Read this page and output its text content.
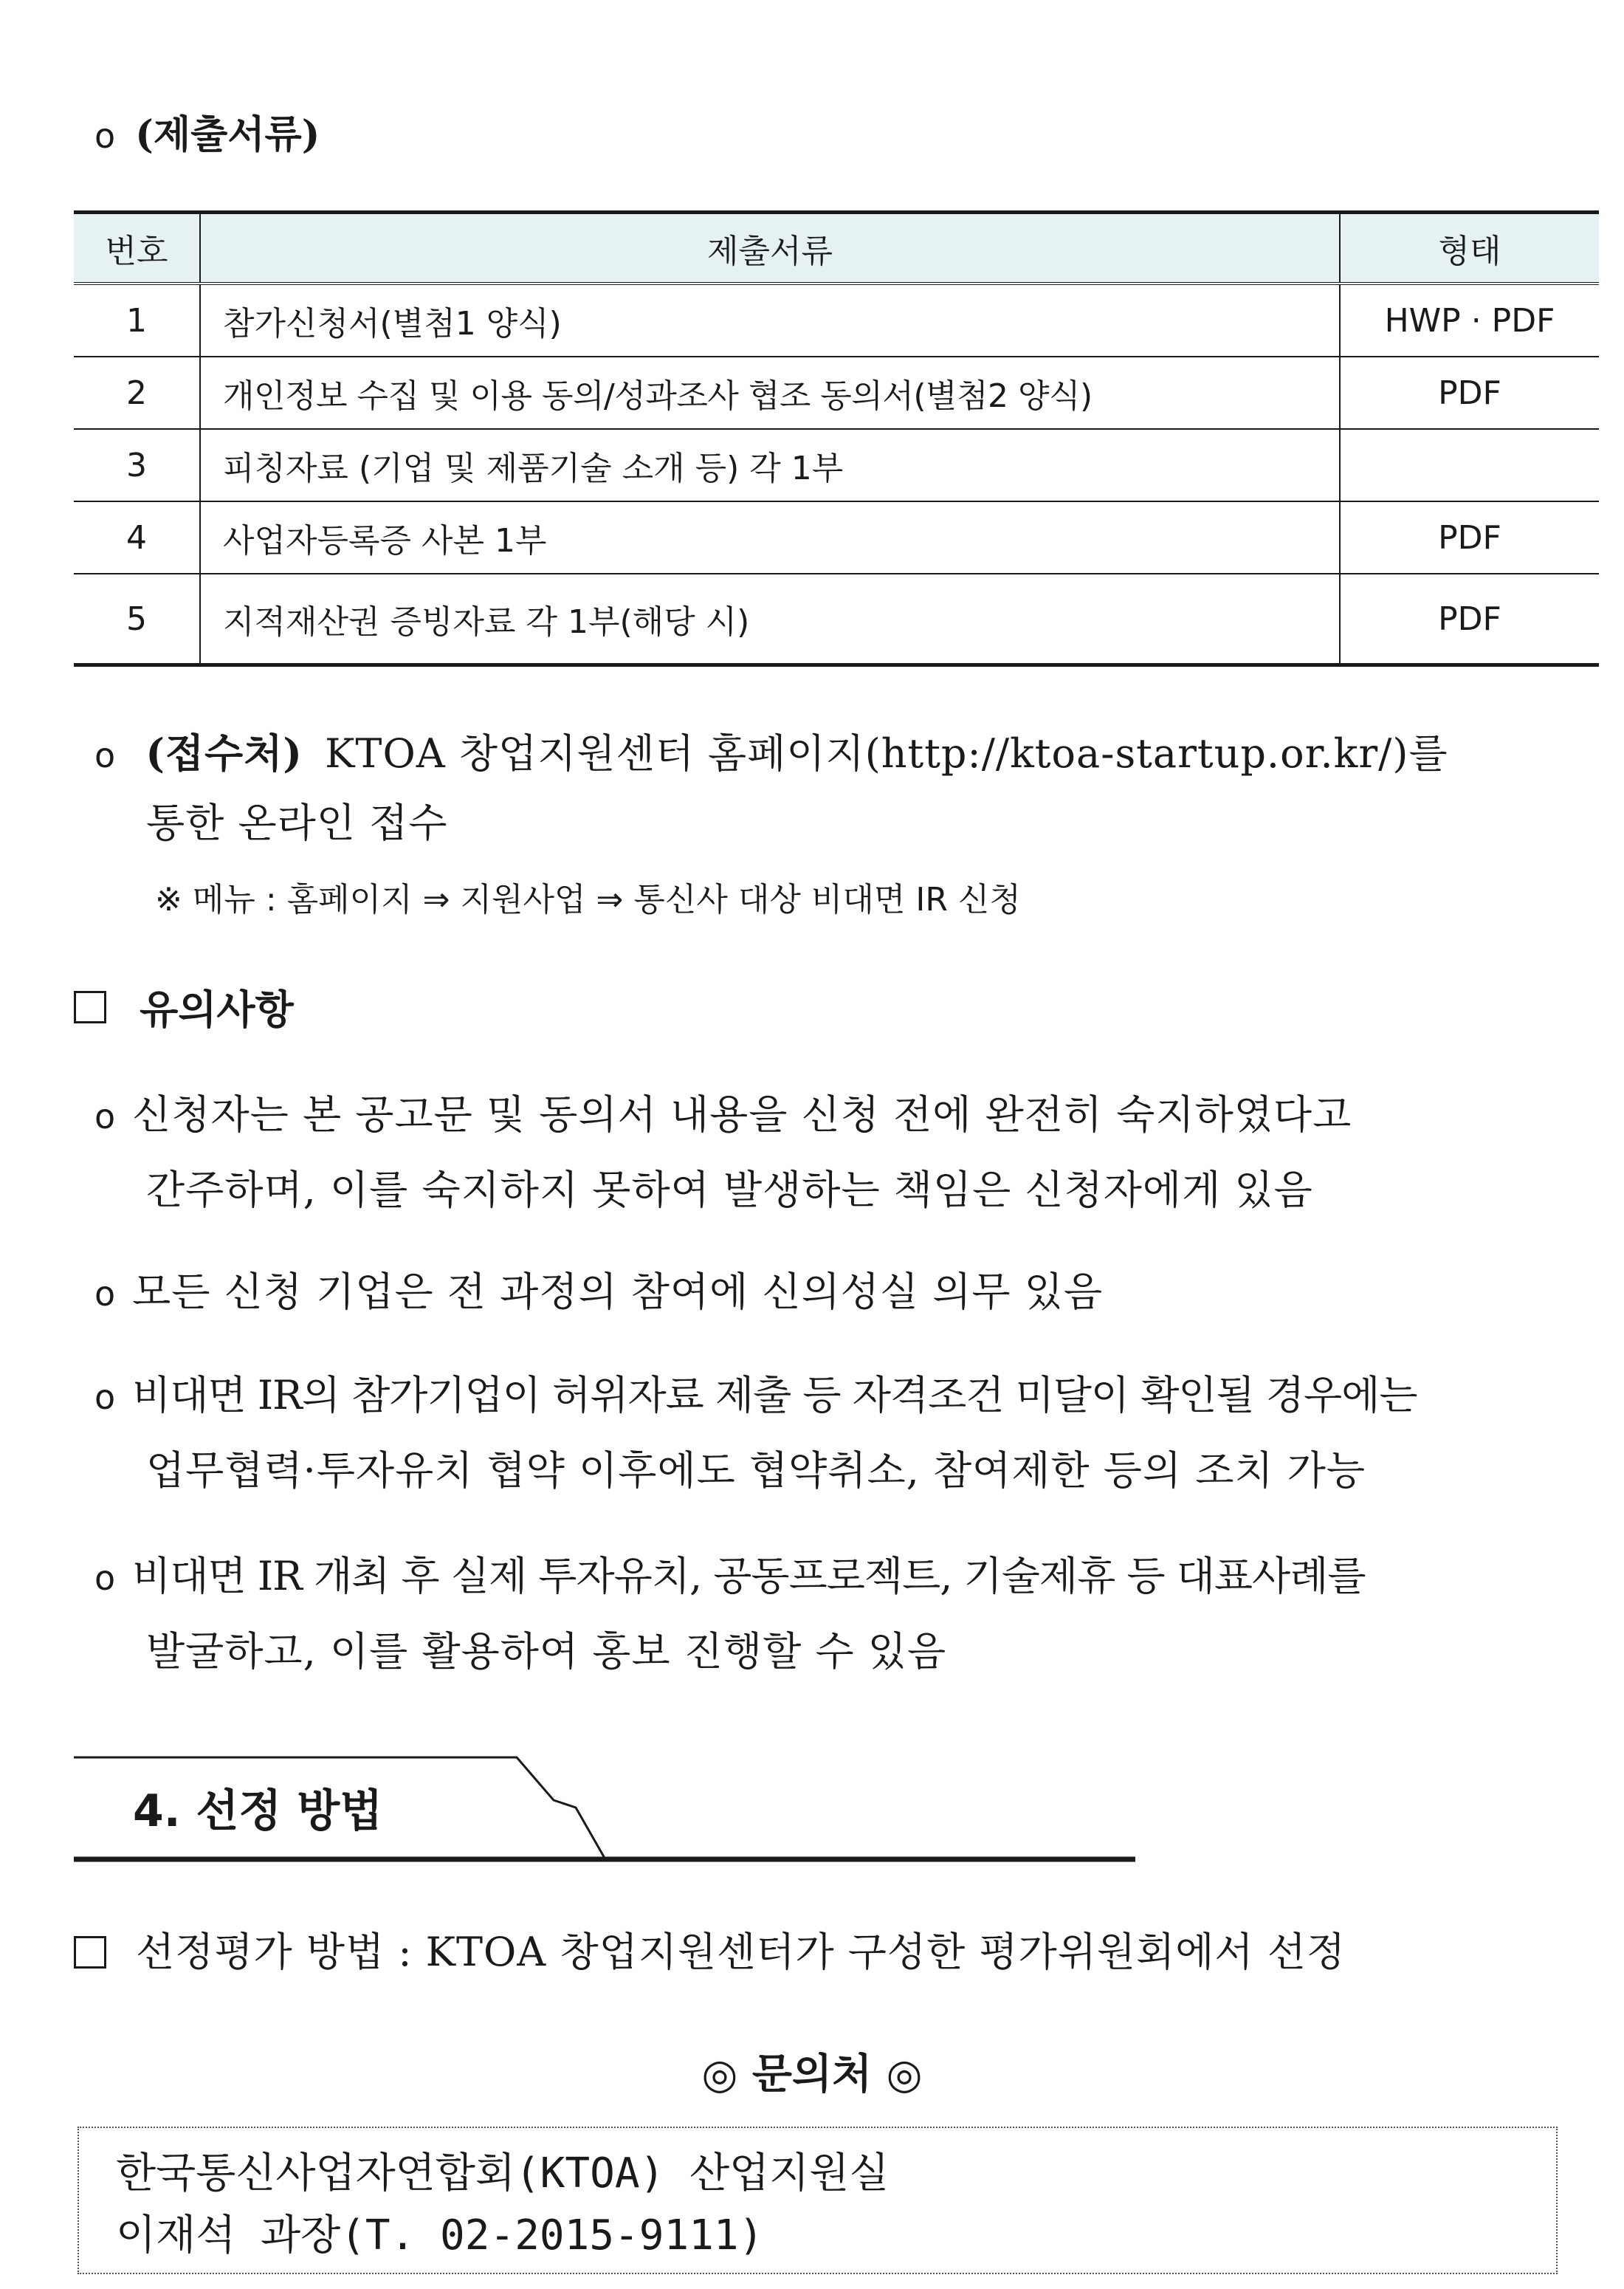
o (제출서류)
번호	제출서류	형태
1	참가신청서(별첨1 양식)	HWP · PDF
2	개인정보 수집 및 이용 동의/성과조사 협조 동의서(별첨2 양식)	PDF
3	피칭자료 (기업 및 제품기술 소개 등) 각 1부	
4	사업자등록증 사본 1부	PDF
5	지적재산권 증빙자료 각 1부(해당 시)	PDF
o (접수처) KTOA 창업지원센터 홈페이지(http://ktoa-startup.or.kr/)를
통한 온라인 접수
※ 메뉴 : 홈페이지 ⇒ 지원사업 ⇒ 통신사 대상 비대면 IR 신청
유의사항
o 신청자는 본 공고문 및 동의서 내용을 신청 전에 완전히 숙지하였다고
간주하며, 이를 숙지하지 못하여 발생하는 책임은 신청자에게 있음
o 모든 신청 기업은 전 과정의 참여에 신의성실 의무 있음
o 비대면 IR의 참가기업이 허위자료 제출 등 자격조건 미달이 확인될 경우에는
업무협력·투자유치 협약 이후에도 협약취소, 참여제한 등의 조치 가능
o 비대면 IR 개최 후 실제 투자유치, 공동프로젝트, 기술제휴 등 대표사례를
발굴하고, 이를 활용하여 홍보 진행할 수 있음
4. 선정 방법
선정평가 방법 : KTOA 창업지원센터가 구성한 평가위원회에서 선정
◎ 문의처 ◎
한국통신사업자연합회(KTOA) 산업지원실
이재석 과장(T. 02-2015-9111)
